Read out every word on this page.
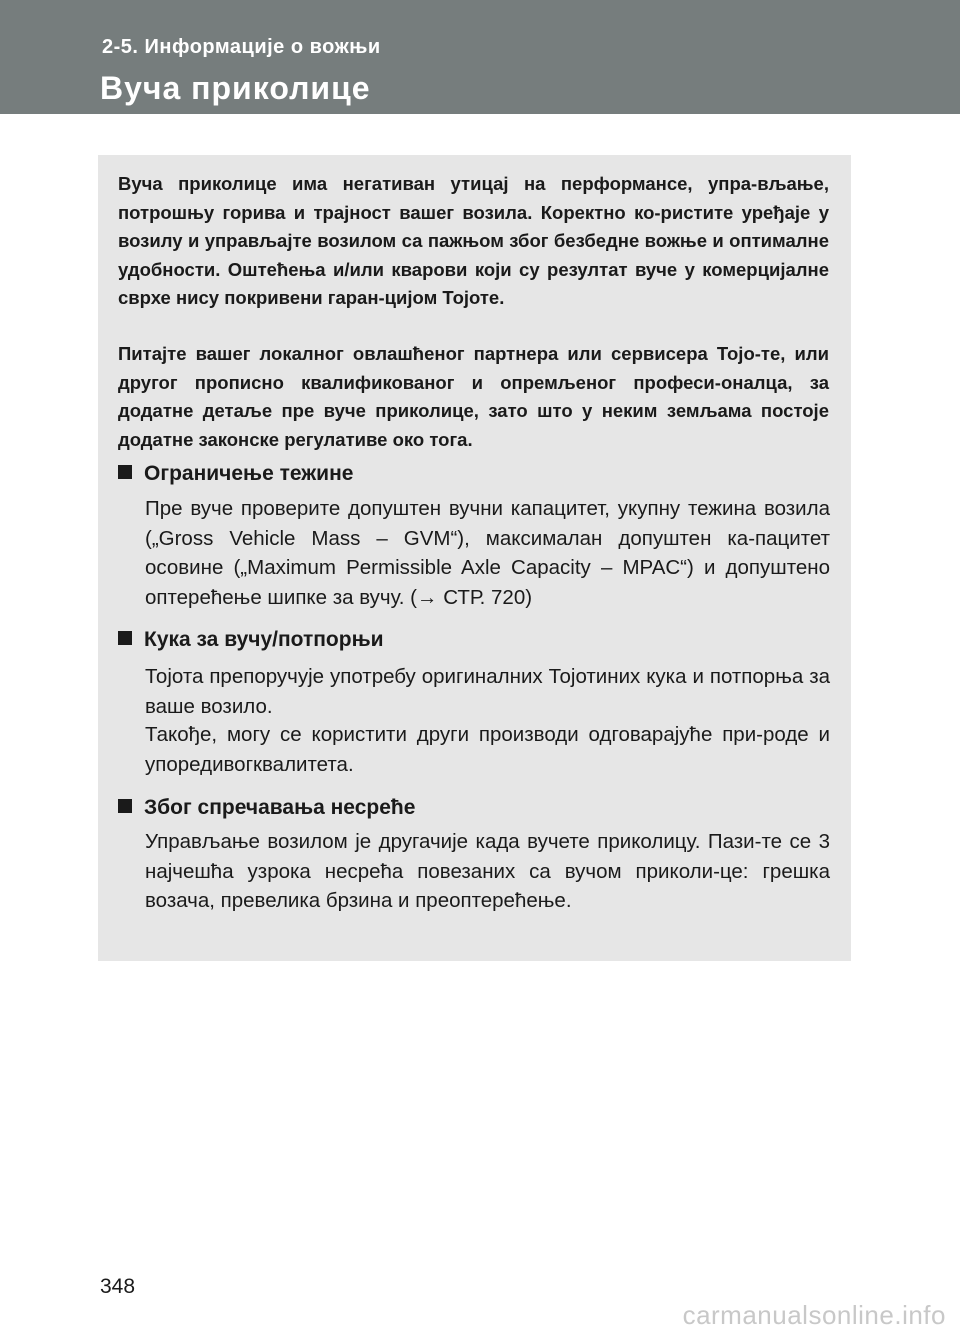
2-5. Информације о вожњи
Вуча приколице

Вуча приколице има негативан утицај на перформансе, упра-вљање, потрошњу горива и трајност вашег возила. Коректно ко-ристите уређаје у возилу и управљајте возилом са пажњом због безбедне вожње и оптималне удобности. Оштећења и/или кварови који су резултат вуче у комерцијалне сврхе нису покривени гаран-цијом Тојоте.

Питајте вашег локалног овлашћеног партнера или сервисера Тојо-те, или другог прописно квалификованог и опремљеног професи-оналца, за додатне детаље пре вуче приколице, зато што у неким земљама постоје додатне законске регулативе око тога.

Ограничење тежине

Пре вуче проверите допуштен вучни капацитет, укупну тежина возила („Gross Vehicle Mass – GVM“), максималан допуштен ка-пацитет осовине („Maximum Permissible Axle Capacity – MPAC“) и допуштено оптерећење шипке за вучу. (→ СТР. 720)

Кука за вучу/потпорњи

Тојота препоручује употребу оригиналних Тојотиних кука и потпорња за ваше возило.

Такође, могу се користити други производи одговарајуће при-роде и упоредивогквалитета.

Због спречавања несреће

Управљање возилом је другачије када вучете приколицу. Пази-те се 3 најчешћа узрока несрећа повезаних са вучом приколи-це: грешка возача, превелика брзина и преоптерећење.

348
carmanualsonline.info
